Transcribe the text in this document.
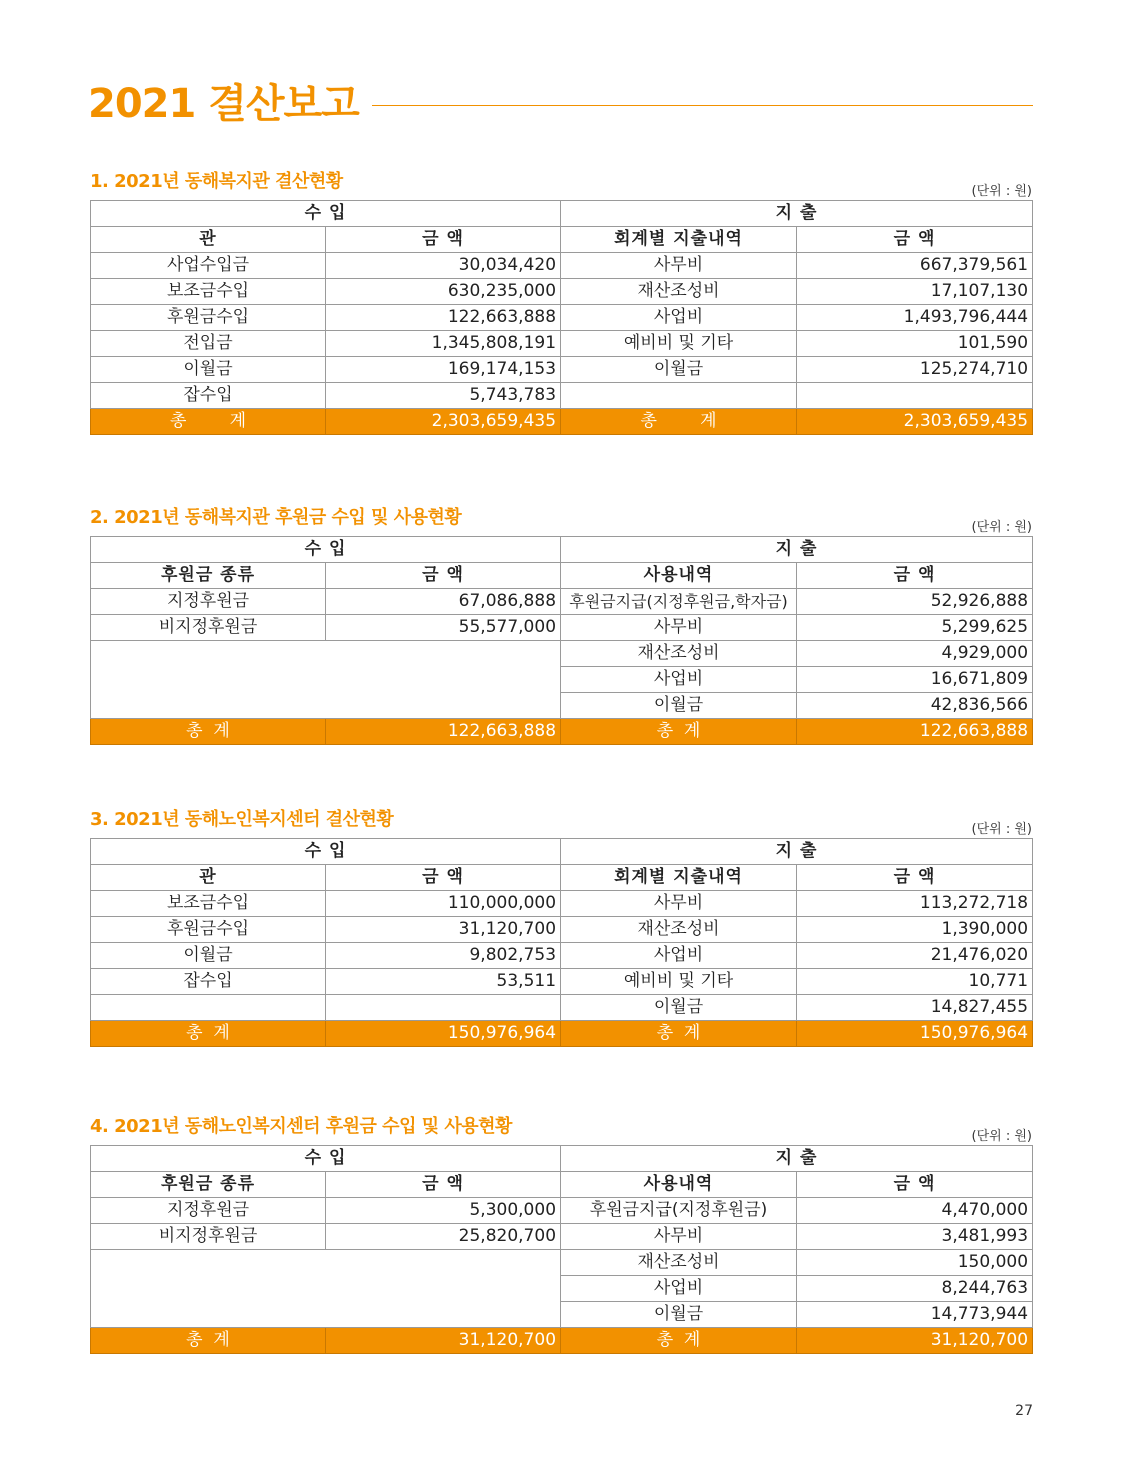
2021 결산보고
1. 2021년 동해복지관 결산현황	(단위 : 원)
수 입		지 출	
관	금 액	회계별 지출내역	금 액
사업수입금	30,034,420	사무비	667,379,561
보조금수입	630,235,000	재산조성비	17,107,130
후원금수입	122,663,888	사업비	1,493,796,444
전입금	1,345,808,191	예비비 및 기타	101,590
이월금	169,174,153	이월금	125,274,710
잡수입	5,743,783		
총        계	2,303,659,435	총        계	2,303,659,435
2. 2021년 동해복지관 후원금 수입 및 사용현황	(단위 : 원)
수 입		지 출	
후원금 종류	금 액	사용내역	금 액
지정후원금	67,086,888	후원금지급(지정후원금,학자금)	52,926,888
비지정후원금	55,577,000	사무비	5,299,625
		재산조성비	4,929,000
		사업비	16,671,809
		이월금	42,836,566
총  계	122,663,888	총  계	122,663,888
3. 2021년 동해노인복지센터 결산현황	(단위 : 원)
수 입		지 출	
관	금 액	회계별 지출내역	금 액
보조금수입	110,000,000	사무비	113,272,718
후원금수입	31,120,700	재산조성비	1,390,000
이월금	9,802,753	사업비	21,476,020
잡수입	53,511	예비비 및 기타	10,771
		이월금	14,827,455
총  계	150,976,964	총  계	150,976,964
4. 2021년 동해노인복지센터 후원금 수입 및 사용현황	(단위 : 원)
수 입		지 출	
후원금 종류	금 액	사용내역	금 액
지정후원금	5,300,000	후원금지급(지정후원금)	4,470,000
비지정후원금	25,820,700	사무비	3,481,993
		재산조성비	150,000
		사업비	8,244,763
		이월금	14,773,944
총  계	31,120,700	총  계	31,120,700
27
